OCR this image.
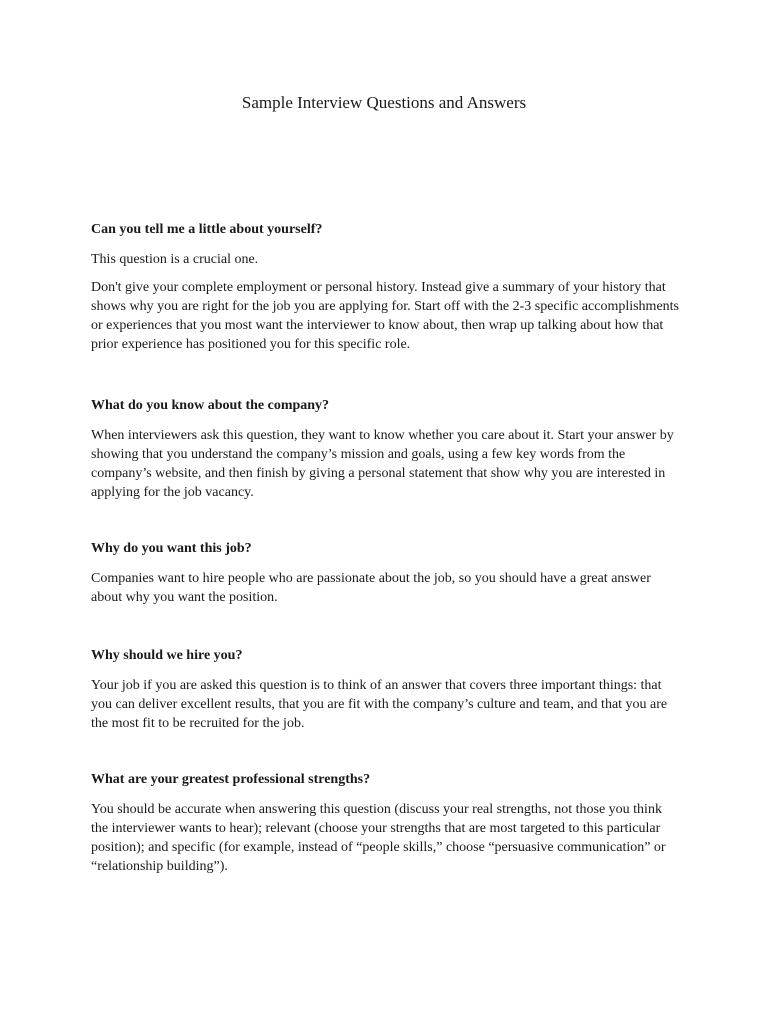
Sample Interview Questions and Answers

Can you tell me a little about yourself?

This question is a crucial one.

Don't give your complete employment or personal history. Instead give a summary of your history that shows why you are right for the job you are applying for. Start off with the 2-3 specific accomplishments or experiences that you most want the interviewer to know about, then wrap up talking about how that prior experience has positioned you for this specific role.

What do you know about the company?

When interviewers ask this question, they want to know whether you care about it. Start your answer by showing that you understand the company’s mission and goals, using a few key words from the company’s website, and then finish by giving a personal statement that show why you are interested in applying for the job vacancy.

Why do you want this job?

Companies want to hire people who are passionate about the job, so you should have a great answer about why you want the position.

Why should we hire you?

Your job if you are asked this question is to think of an answer that covers three important things: that you can deliver excellent results, that you are fit with the company’s culture and team, and that you are the most fit to be recruited for the job.

What are your greatest professional strengths?

You should be accurate when answering this question (discuss your real strengths, not those you think the interviewer wants to hear); relevant (choose your strengths that are most targeted to this particular position); and specific (for example, instead of “people skills,” choose “persuasive communication” or “relationship building”).
